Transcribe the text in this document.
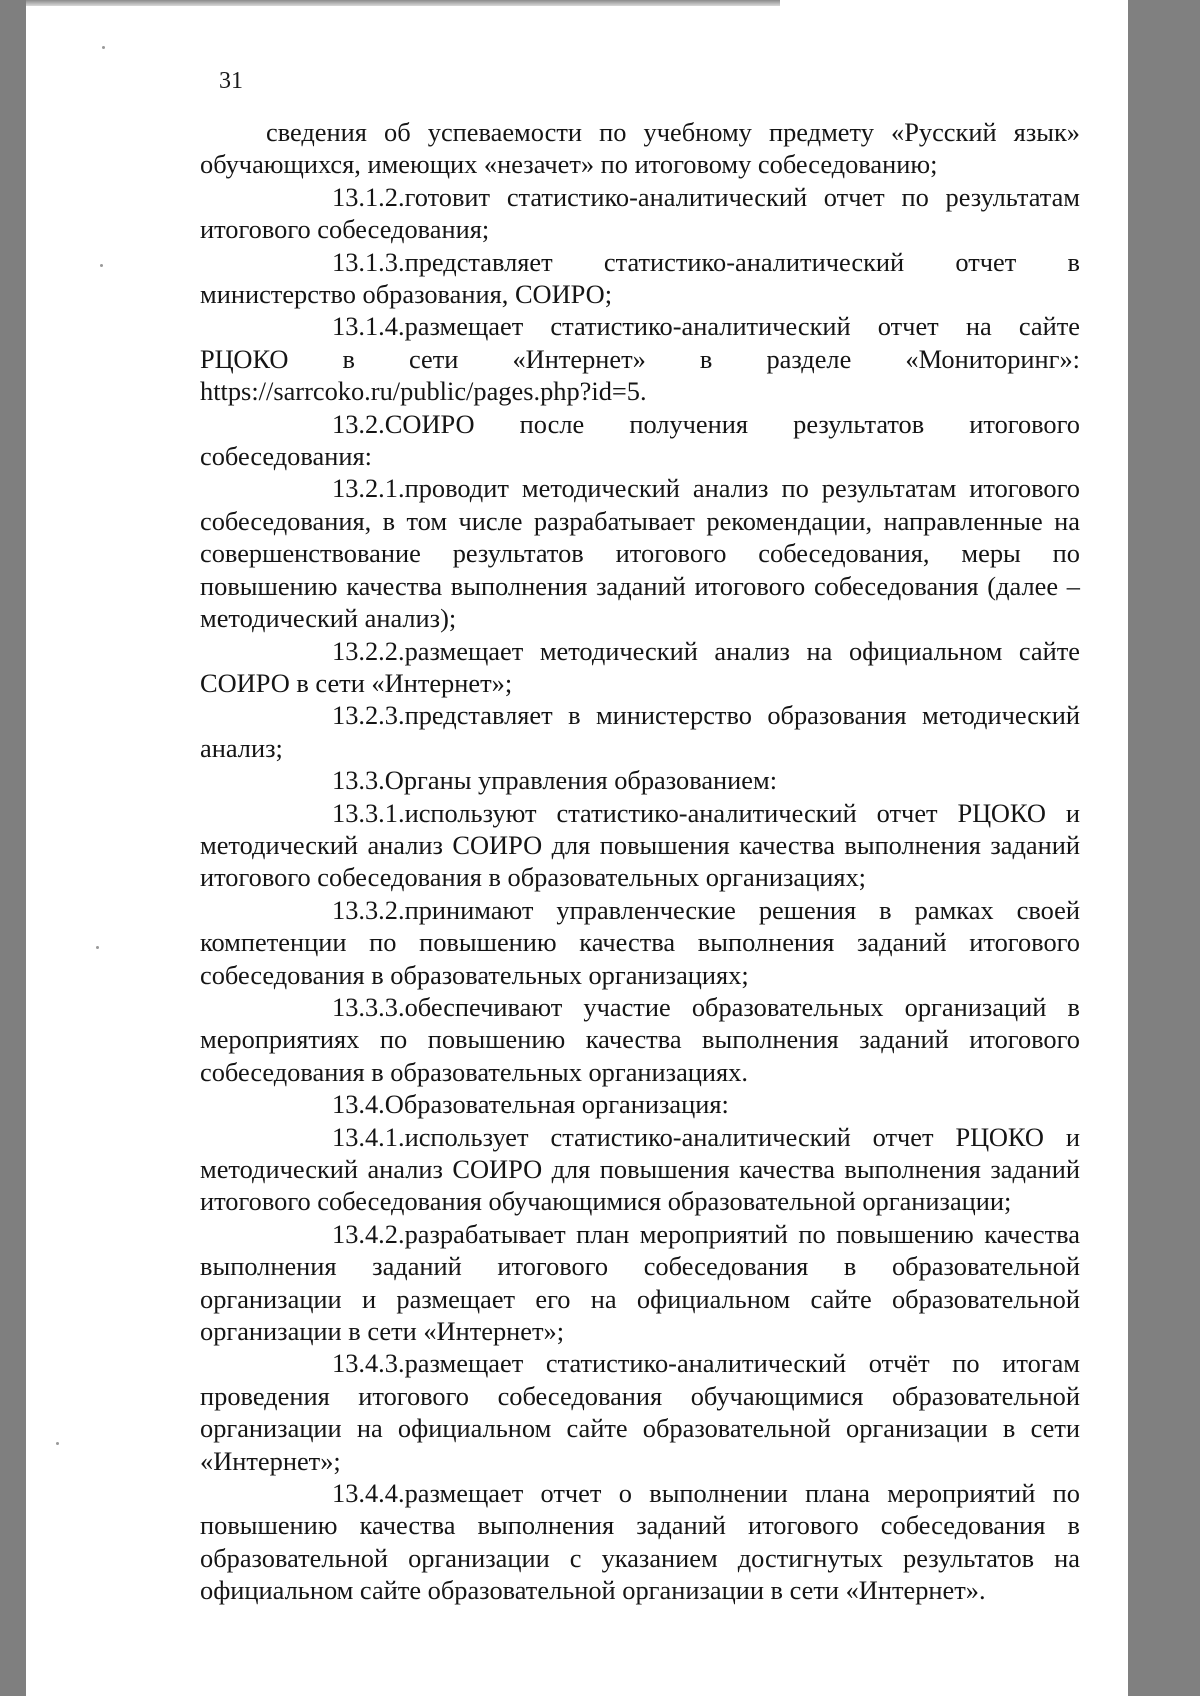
31

сведения об успеваемости по учебному предмету «Русский язык» обучающихся, имеющих «незачет» по итоговому собеседованию;

13.1.2.готовит статистико-аналитический отчет по результатам итогового собеседования;

13.1.3.представляет статистико-аналитический отчет в министерство образования, СОИРО;

13.1.4.размещает статистико-аналитический отчет на сайте РЦОКО в сети «Интернет» в разделе «Мониторинг»: https://sarrcoko.ru/public/pages.php?id=5.

13.2.СОИРО после получения результатов итогового собеседования:

13.2.1.проводит методический анализ по результатам итогового собеседования, в том числе разрабатывает рекомендации, направленные на совершенствование результатов итогового собеседования, меры по повышению качества выполнения заданий итогового собеседования (далее – методический анализ);

13.2.2.размещает методический анализ на официальном сайте СОИРО в сети «Интернет»;

13.2.3.представляет в министерство образования методический анализ;

13.3.Органы управления образованием:

13.3.1.используют статистико-аналитический отчет РЦОКО и методический анализ СОИРО для повышения качества выполнения заданий итогового собеседования в образовательных организациях;

13.3.2.принимают управленческие решения в рамках своей компетенции по повышению качества выполнения заданий итогового собеседования в образовательных организациях;

13.3.3.обеспечивают участие образовательных организаций в мероприятиях по повышению качества выполнения заданий итогового собеседования в образовательных организациях.

13.4.Образовательная организация:

13.4.1.использует статистико-аналитический отчет РЦОКО и методический анализ СОИРО для повышения качества выполнения заданий итогового собеседования обучающимися образовательной организации;

13.4.2.разрабатывает план мероприятий по повышению качества выполнения заданий итогового собеседования в образовательной организации и размещает его на официальном сайте образовательной организации в сети «Интернет»;

13.4.3.размещает статистико-аналитический отчёт по итогам проведения итогового собеседования обучающимися образовательной организации на официальном сайте образовательной организации в сети «Интернет»;

13.4.4.размещает отчет о выполнении плана мероприятий по повышению качества выполнения заданий итогового собеседования в образовательной организации с указанием достигнутых результатов на официальном сайте образовательной организации в сети «Интернет».
